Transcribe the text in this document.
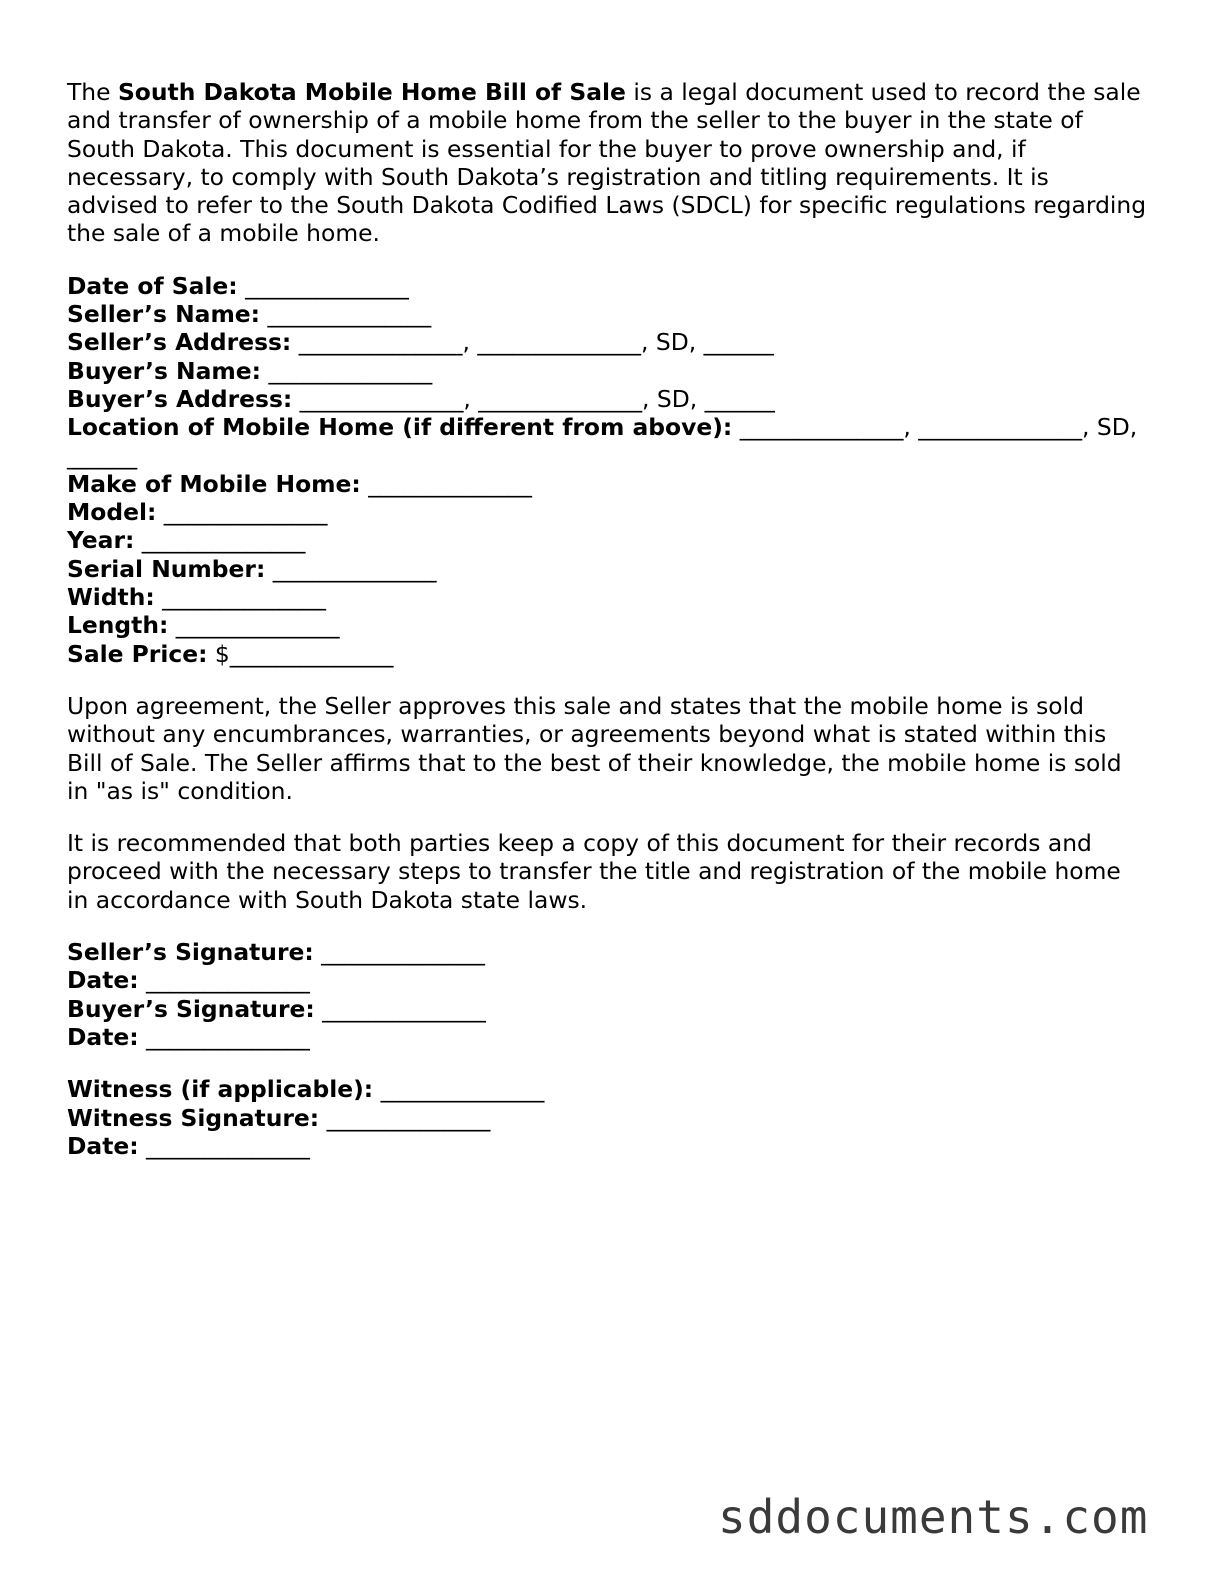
The South Dakota Mobile Home Bill of Sale is a legal document used to record the sale and transfer of ownership of a mobile home from the seller to the buyer in the state of South Dakota. This document is essential for the buyer to prove ownership and, if necessary, to comply with South Dakota’s registration and titling requirements. It is advised to refer to the South Dakota Codified Laws (SDCL) for specific regulations regarding the sale of a mobile home.

Date of Sale: ______________
Seller’s Name: ______________
Seller’s Address: ______________, ______________, SD, ______
Buyer’s Name: ______________
Buyer’s Address: ______________, ______________, SD, ______
Location of Mobile Home (if different from above): ______________, ______________, SD, ______
Make of Mobile Home: ______________
Model: ______________
Year: ______________
Serial Number: ______________
Width: ______________
Length: ______________
Sale Price: $______________

Upon agreement, the Seller approves this sale and states that the mobile home is sold without any encumbrances, warranties, or agreements beyond what is stated within this Bill of Sale. The Seller affirms that to the best of their knowledge, the mobile home is sold in "as is" condition.

It is recommended that both parties keep a copy of this document for their records and proceed with the necessary steps to transfer the title and registration of the mobile home in accordance with South Dakota state laws.

Seller’s Signature: ______________
Date: ______________
Buyer’s Signature: ______________
Date: ______________
Witness (if applicable): ______________
Witness Signature: ______________
Date: ______________
sddocuments.com
